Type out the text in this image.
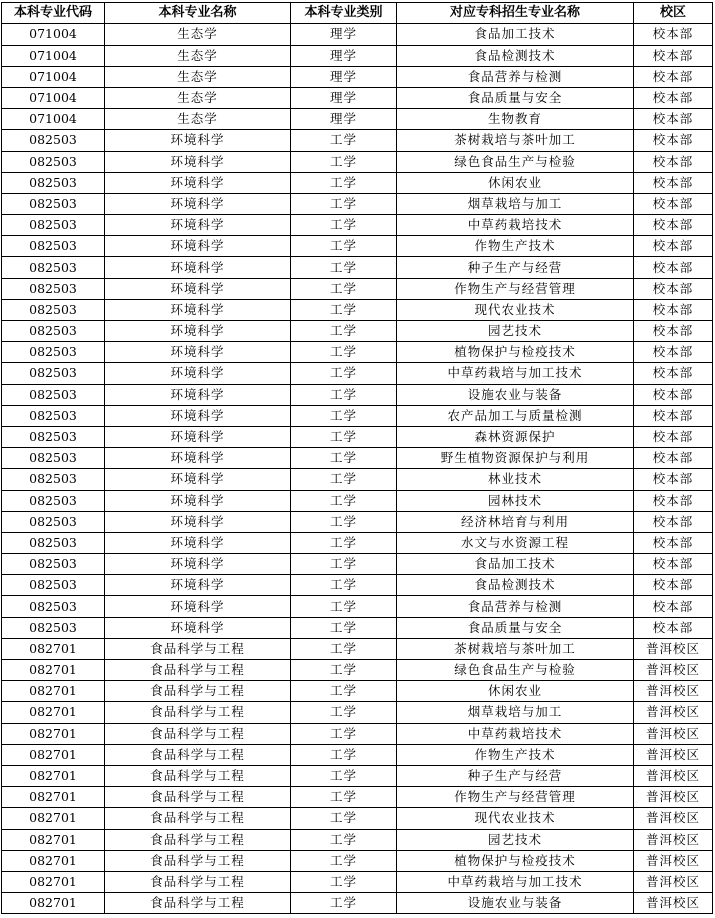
本科专业代码	本科专业名称	本科专业类别	对应专科招生专业名称	校区
071004	生态学	理学	食品加工技术	校本部
071004	生态学	理学	食品检测技术	校本部
071004	生态学	理学	食品营养与检测	校本部
071004	生态学	理学	食品质量与安全	校本部
071004	生态学	理学	生物教育	校本部
082503	环境科学	工学	茶树栽培与茶叶加工	校本部
082503	环境科学	工学	绿色食品生产与检验	校本部
082503	环境科学	工学	休闲农业	校本部
082503	环境科学	工学	烟草栽培与加工	校本部
082503	环境科学	工学	中草药栽培技术	校本部
082503	环境科学	工学	作物生产技术	校本部
082503	环境科学	工学	种子生产与经营	校本部
082503	环境科学	工学	作物生产与经营管理	校本部
082503	环境科学	工学	现代农业技术	校本部
082503	环境科学	工学	园艺技术	校本部
082503	环境科学	工学	植物保护与检疫技术	校本部
082503	环境科学	工学	中草药栽培与加工技术	校本部
082503	环境科学	工学	设施农业与装备	校本部
082503	环境科学	工学	农产品加工与质量检测	校本部
082503	环境科学	工学	森林资源保护	校本部
082503	环境科学	工学	野生植物资源保护与利用	校本部
082503	环境科学	工学	林业技术	校本部
082503	环境科学	工学	园林技术	校本部
082503	环境科学	工学	经济林培育与利用	校本部
082503	环境科学	工学	水文与水资源工程	校本部
082503	环境科学	工学	食品加工技术	校本部
082503	环境科学	工学	食品检测技术	校本部
082503	环境科学	工学	食品营养与检测	校本部
082503	环境科学	工学	食品质量与安全	校本部
082701	食品科学与工程	工学	茶树栽培与茶叶加工	普洱校区
082701	食品科学与工程	工学	绿色食品生产与检验	普洱校区
082701	食品科学与工程	工学	休闲农业	普洱校区
082701	食品科学与工程	工学	烟草栽培与加工	普洱校区
082701	食品科学与工程	工学	中草药栽培技术	普洱校区
082701	食品科学与工程	工学	作物生产技术	普洱校区
082701	食品科学与工程	工学	种子生产与经营	普洱校区
082701	食品科学与工程	工学	作物生产与经营管理	普洱校区
082701	食品科学与工程	工学	现代农业技术	普洱校区
082701	食品科学与工程	工学	园艺技术	普洱校区
082701	食品科学与工程	工学	植物保护与检疫技术	普洱校区
082701	食品科学与工程	工学	中草药栽培与加工技术	普洱校区
082701	食品科学与工程	工学	设施农业与装备	普洱校区
